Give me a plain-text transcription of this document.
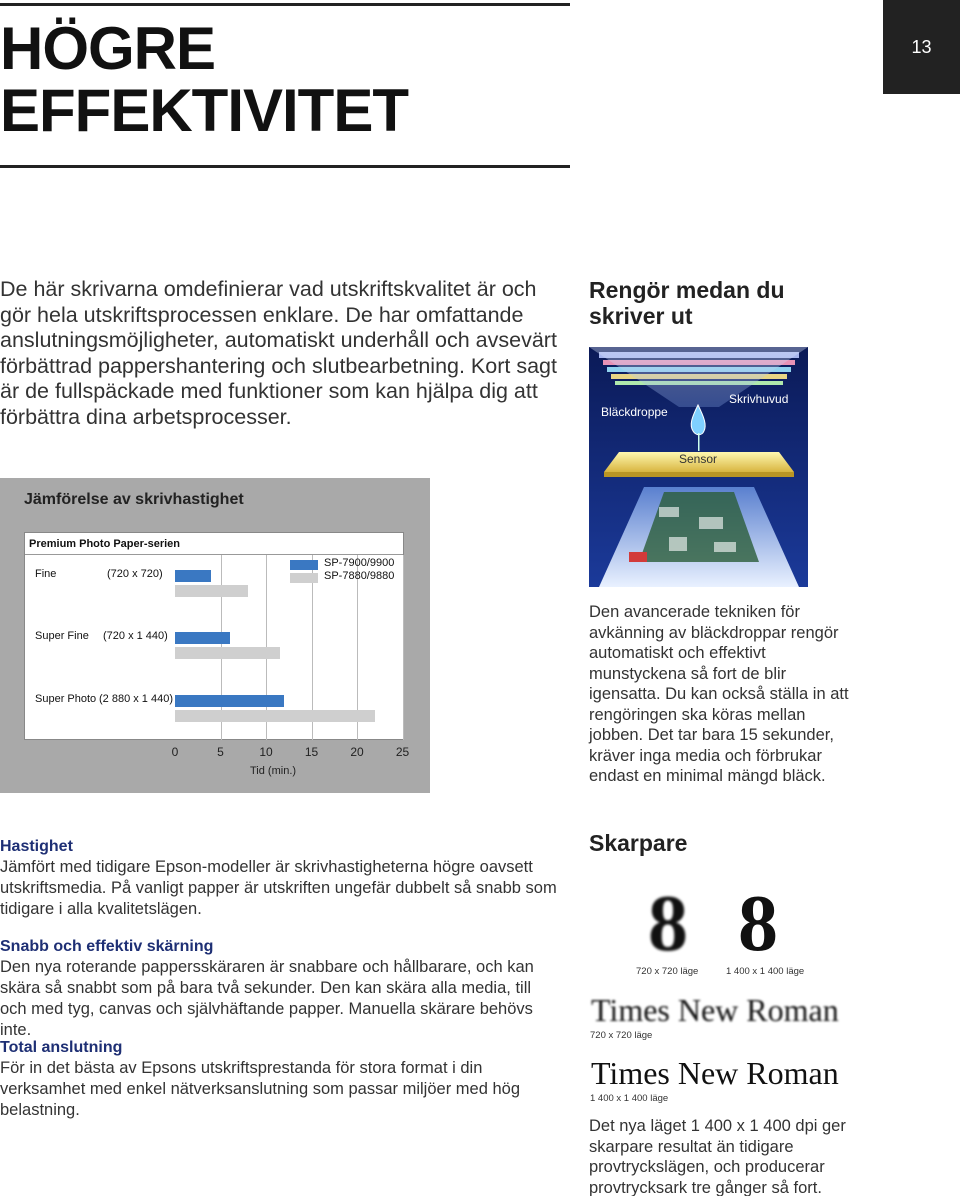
HÖGRE
EFFEKTIVITET
13
De här skrivarna omdefinierar vad utskriftskvalitet är och gör hela utskriftsprocessen enklare. De har omfattande anslutningsmöjligheter, automatiskt underhåll och avsevärt förbättrad pappershantering och slutbearbetning. Kort sagt är de fullspäckade med funktioner som kan hjälpa dig att förbättra dina arbetsprocesser.
Rengör medan du skriver ut
Bläckdroppe
Skrivhuvud
Sensor
Den avancerade tekniken för avkänning av bläckdroppar rengör automatiskt och effektivt munstyckena så fort de blir igensatta. Du kan också ställa in att rengöringen ska köras mellan jobben. Det tar bara 15 sekunder, kräver inga media och förbrukar endast en minimal mängd bläck.
Jämförelse av skrivhastighet
Premium Photo Paper-serien
Fine	(720 x 720)
Super Fine (720 x 1 440)
Super Photo (2 880 x 1 440)
SP-7900/9900
SP-7880/9880
0	5	10	15	20	25
Tid (min.)
Hastighet
Jämfört med tidigare Epson-modeller är skrivhastigheterna högre oavsett utskriftsmedia. På vanligt papper är utskriften ungefär dubbelt så snabb som tidigare i alla kvalitetslägen.
Snabb och effektiv skärning
Den nya roterande pappersskäraren är snabbare och hållbarare, och kan skära så snabbt som på bara två sekunder. Den kan skära alla media, till och med tyg, canvas och självhäftande papper. Manuella skärare behövs inte.
Total anslutning
För in det bästa av Epsons utskriftsprestanda för stora format i din verksamhet med enkel nätverksanslutning som passar miljöer med hög belastning.
Skarpare
8 8
720 x 720 läge	1 400 x 1 400 läge
Times New Roman
720 x 720 läge
Times New Roman
1 400 x 1 400 läge
Det nya läget 1 400 x 1 400 dpi ger skarpare resultat än tidigare provtryckslägen, och producerar provtrycksark tre gånger så fort.
